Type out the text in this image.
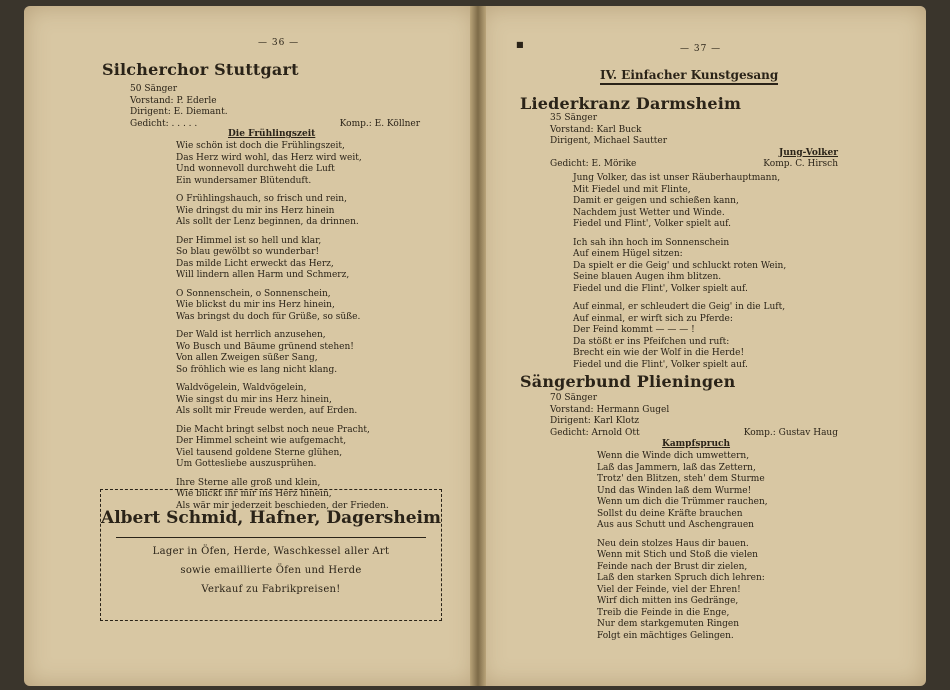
— 36 —
Silcherchor Stuttgart
50 Sänger
Vorstand: P. Ederle
Dirigent: E. Diemant.
Gedicht: . . . . .	Komp.: E. Köllner
Die Frühlingszeit
Wie schön ist doch die Frühlingszeit,
Das Herz wird wohl, das Herz wird weit,
Und wonnevoll durchweht die Luft
Ein wundersamer Blütenduft.
O Frühlingshauch, so frisch und rein,
Wie dringst du mir ins Herz hinein
Als sollt der Lenz beginnen, da drinnen.
Der Himmel ist so hell und klar,
So blau gewölbt so wunderbar!
Das milde Licht erweckt das Herz,
Will lindern allen Harm und Schmerz,
O Sonnenschein, o Sonnenschein,
Wie blickst du mir ins Herz hinein,
Was bringst du doch für Grüße, so süße.
Der Wald ist herrlich anzusehen,
Wo Busch und Bäume grünend stehen!
Von allen Zweigen süßer Sang,
So fröhlich wie es lang nicht klang.
Waldvögelein, Waldvögelein,
Wie singst du mir ins Herz hinein,
Als sollt mir Freude werden, auf Erden.
Die Macht bringt selbst noch neue Pracht,
Der Himmel scheint wie aufgemacht,
Viel tausend goldene Sterne glühen,
Um Gottesliebe auszusprühen.
Ihre Sterne alle groß und klein,
Wie blickt ihr mir ins Herz hinein,
Als wär mir jederzeit beschieden, der Frieden.
Albert Schmid, Hafner, Dagersheim
Lager in Öfen, Herde, Waschkessel aller Art
sowie emaillierte Öfen und Herde
Verkauf zu Fabrikpreisen!
■	— 37 —
IV. Einfacher Kunstgesang
Liederkranz Darmsheim
35 Sänger
Vorstand: Karl Buck
Dirigent, Michael Sautter
Jung-Volker
Gedicht: E. Mörike	Komp. C. Hirsch
Jung Volker, das ist unser Räuberhauptmann,
Mit Fiedel und mit Flinte,
Damit er geigen und schießen kann,
Nachdem just Wetter und Winde.
Fiedel und Flint', Volker spielt auf.
Ich sah ihn hoch im Sonnenschein
Auf einem Hügel sitzen:
Da spielt er die Geig' und schluckt roten Wein,
Seine blauen Augen ihm blitzen.
Fiedel und die Flint', Volker spielt auf.
Auf einmal, er schleudert die Geig' in die Luft,
Auf einmal, er wirft sich zu Pferde:
Der Feind kommt — — — !
Da stößt er ins Pfeifchen und ruft:
Brecht ein wie der Wolf in die Herde!
Fiedel und die Flint', Volker spielt auf.
Sängerbund Plieningen
70 Sänger
Vorstand: Hermann Gugel
Dirigent: Karl Klotz
Gedicht: Arnold Ott	Komp.: Gustav Haug
Kampfspruch
Wenn die Winde dich umwettern,
Laß das Jammern, laß das Zettern,
Trotz' den Blitzen, steh' dem Sturme
Und das Winden laß dem Wurme!
Wenn um dich die Trümmer rauchen,
Sollst du deine Kräfte brauchen
Aus aus Schutt und Aschengrauen
Neu dein stolzes Haus dir bauen.
Wenn mit Stich und Stoß die vielen
Feinde nach der Brust dir zielen,
Laß den starken Spruch dich lehren:
Viel der Feinde, viel der Ehren!
Wirf dich mitten ins Gedränge,
Treib die Feinde in die Enge,
Nur dem starkgemuten Ringen
Folgt ein mächtiges Gelingen.
